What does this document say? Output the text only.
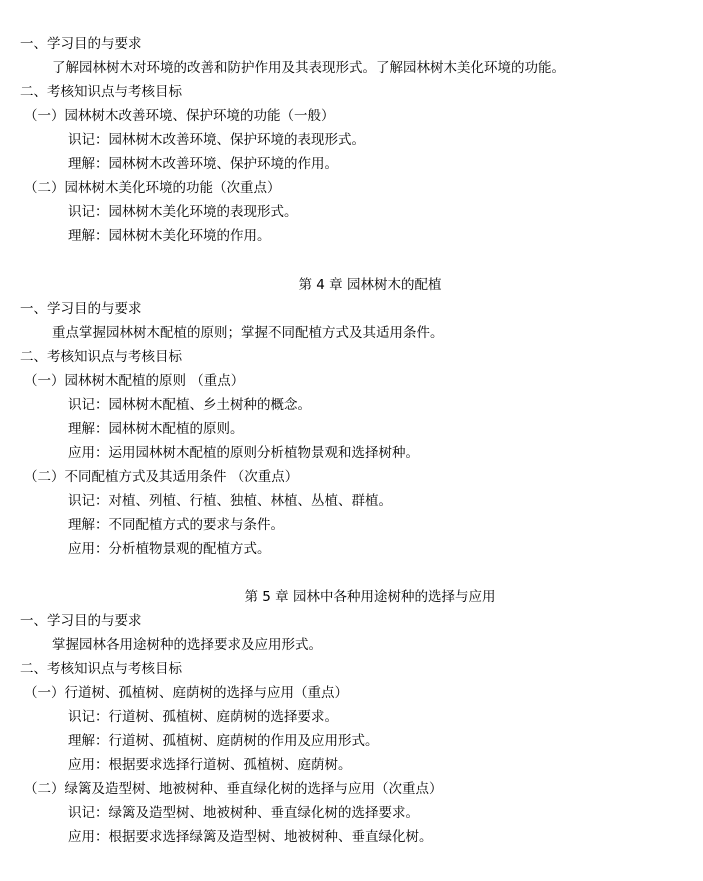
一、学习目的与要求
了解园林树木对环境的改善和防护作用及其表现形式。了解园林树木美化环境的功能。
二、考核知识点与考核目标
（一）园林树木改善环境、保护环境的功能（一般）
识记：园林树木改善环境、保护环境的表现形式。
理解：园林树木改善环境、保护环境的作用。
（二）园林树木美化环境的功能（次重点）
识记：园林树木美化环境的表现形式。
理解：园林树木美化环境的作用。
第 4 章 园林树木的配植
一、学习目的与要求
重点掌握园林树木配植的原则；掌握不同配植方式及其适用条件。
二、考核知识点与考核目标
（一）园林树木配植的原则 （重点）
识记：园林树木配植、乡土树种的概念。
理解：园林树木配植的原则。
应用：运用园林树木配植的原则分析植物景观和选择树种。
（二）不同配植方式及其适用条件 （次重点）
识记：对植、列植、行植、独植、林植、丛植、群植。
理解：不同配植方式的要求与条件。
应用：分析植物景观的配植方式。
第 5 章 园林中各种用途树种的选择与应用
一、学习目的与要求
掌握园林各用途树种的选择要求及应用形式。
二、考核知识点与考核目标
（一）行道树、孤植树、庭荫树的选择与应用（重点）
识记：行道树、孤植树、庭荫树的选择要求。
理解：行道树、孤植树、庭荫树的作用及应用形式。
应用：根据要求选择行道树、孤植树、庭荫树。
（二）绿篱及造型树、地被树种、垂直绿化树的选择与应用（次重点）
识记：绿篱及造型树、地被树种、垂直绿化树的选择要求。
应用：根据要求选择绿篱及造型树、地被树种、垂直绿化树。
